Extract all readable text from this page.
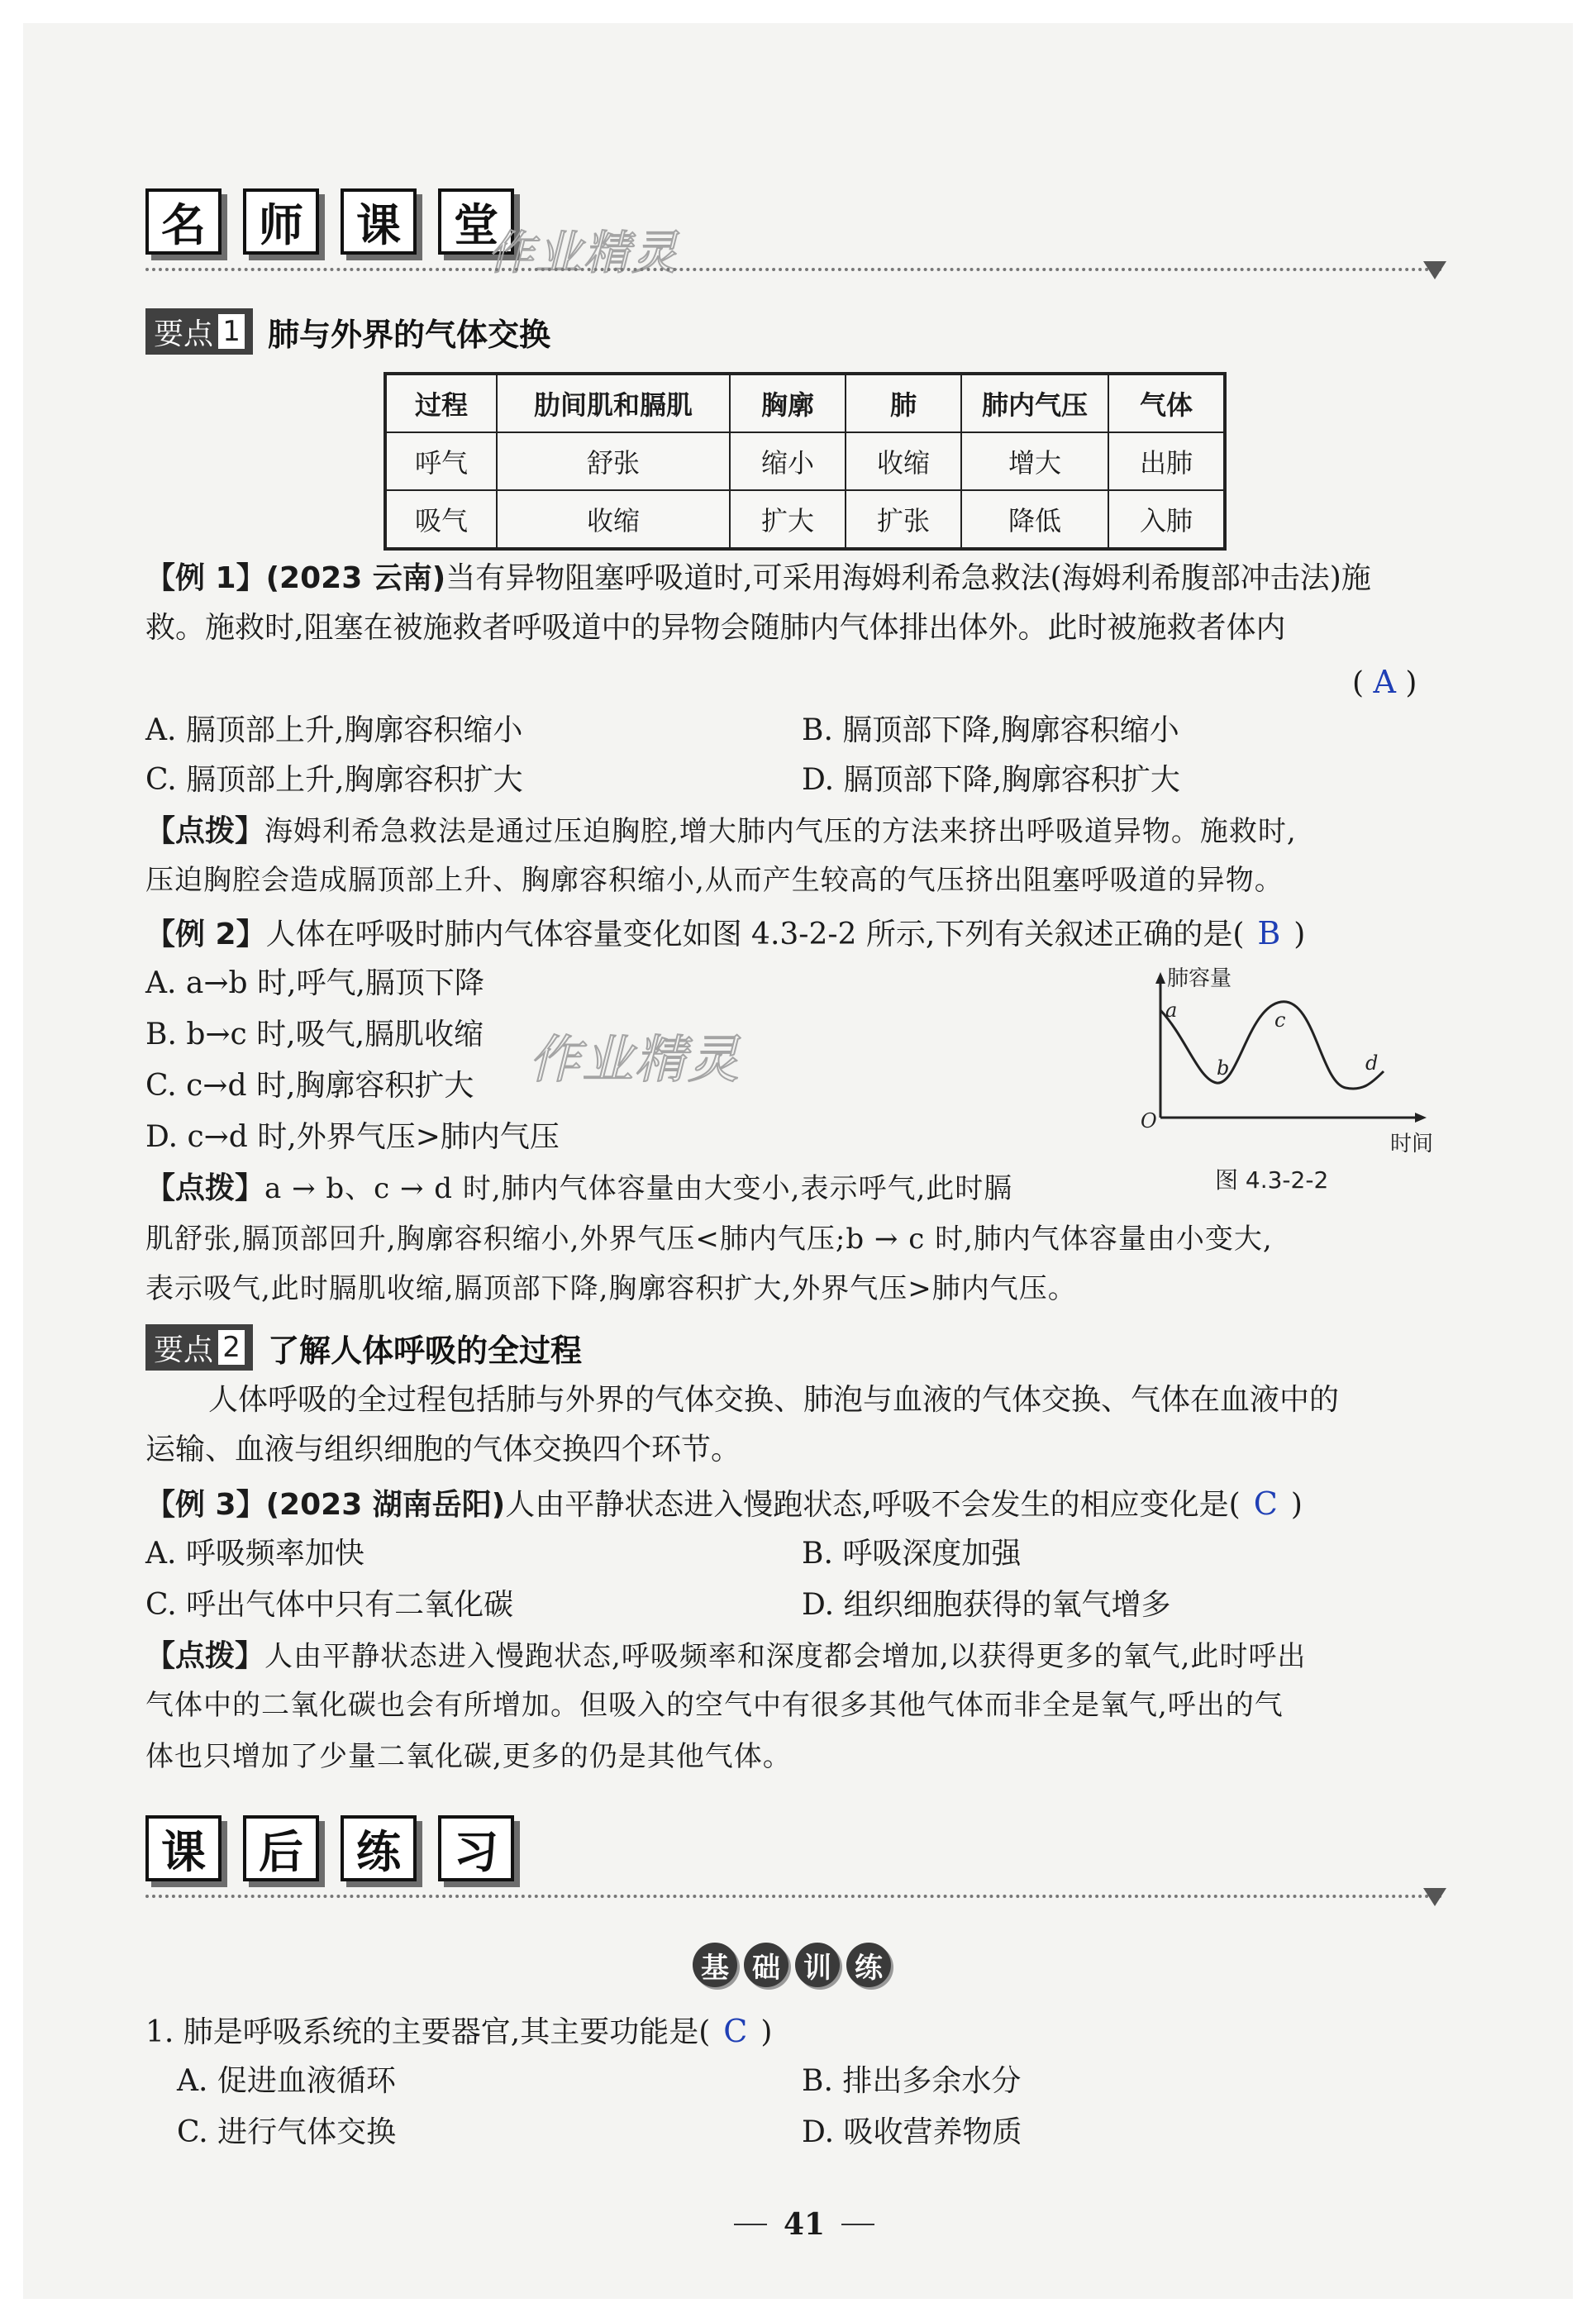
名	师	课	堂
作业精灵
要点 1 肺与外界的气体交换
过程	肋间肌和膈肌	胸廓	肺	肺内气压	气体
呼气	舒张	缩小	收缩	增大	出肺
吸气	收缩	扩大	扩张	降低	入肺
【例 1】(2023 云南)当有异物阻塞呼吸道时,可采用海姆利希急救法(海姆利希腹部冲击法)施
救。施救时,阻塞在被施救者呼吸道中的异物会随肺内气体排出体外。此时被施救者体内
( A )
A. 膈顶部上升,胸廓容积缩小	B. 膈顶部下降,胸廓容积缩小
C. 膈顶部上升,胸廓容积扩大	D. 膈顶部下降,胸廓容积扩大
【点拨】海姆利希急救法是通过压迫胸腔,增大肺内气压的方法来挤出呼吸道异物。施救时,
压迫胸腔会造成膈顶部上升、胸廓容积缩小,从而产生较高的气压挤出阻塞呼吸道的异物。
【例 2】人体在呼吸时肺内气体容量变化如图 4.3-2-2 所示,下列有关叙述正确的是( B )
A. a→b 时,呼气,膈顶下降
B. b→c 时,吸气,膈肌收缩
C. c→d 时,胸廓容积扩大
D. c→d 时,外界气压>肺内气压
作业精灵
肺容量
a
b
c
d
O
时间
图 4.3-2-2
【点拨】a → b、c → d 时,肺内气体容量由大变小,表示呼气,此时膈
肌舒张,膈顶部回升,胸廓容积缩小,外界气压<肺内气压;b → c 时,肺内气体容量由小变大,
表示吸气,此时膈肌收缩,膈顶部下降,胸廓容积扩大,外界气压>肺内气压。
要点 2 了解人体呼吸的全过程
人体呼吸的全过程包括肺与外界的气体交换、肺泡与血液的气体交换、气体在血液中的
运输、血液与组织细胞的气体交换四个环节。
【例 3】(2023 湖南岳阳)人由平静状态进入慢跑状态,呼吸不会发生的相应变化是( C )
A. 呼吸频率加快	B. 呼吸深度加强
C. 呼出气体中只有二氧化碳	D. 组织细胞获得的氧气增多
【点拨】人由平静状态进入慢跑状态,呼吸频率和深度都会增加,以获得更多的氧气,此时呼出
气体中的二氧化碳也会有所增加。但吸入的空气中有很多其他气体而非全是氧气,呼出的气
体也只增加了少量二氧化碳,更多的仍是其他气体。
课	后	练	习
基 础 训 练
1. 肺是呼吸系统的主要器官,其主要功能是( C )
A. 促进血液循环	B. 排出多余水分
C. 进行气体交换	D. 吸收营养物质
41
